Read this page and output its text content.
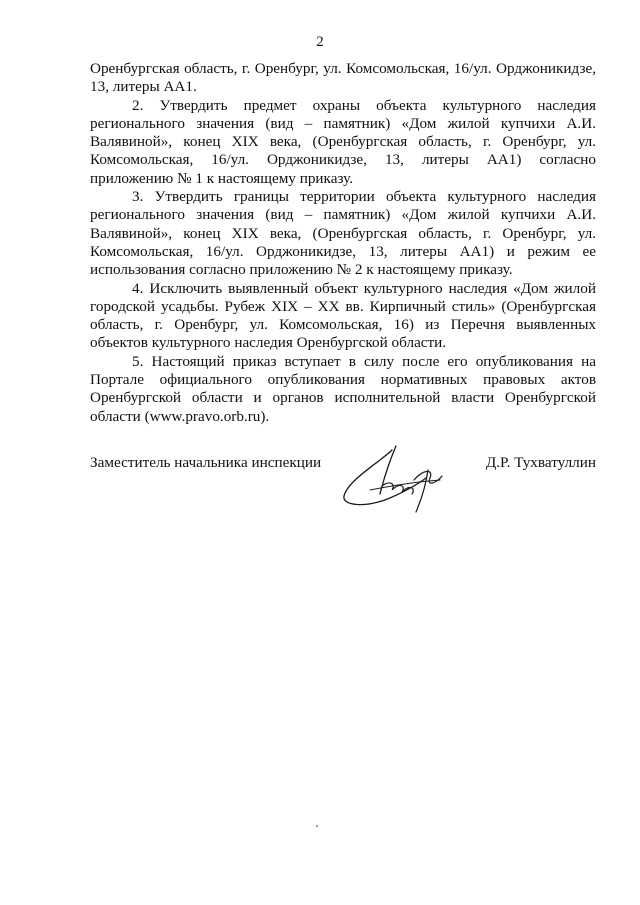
2

Оренбургская область, г. Оренбург, ул. Комсомольская, 16/ул. Орджоникидзе, 13, литеры АА1.

2. Утвердить предмет охраны объекта культурного наследия регионального значения (вид – памятник) «Дом жилой купчихи А.И. Валявиной», конец XIX века, (Оренбургская область, г. Оренбург, ул. Комсомольская, 16/ул. Орджоникидзе, 13, литеры АА1) согласно приложению № 1 к настоящему приказу.

3. Утвердить границы территории объекта культурного наследия регионального значения (вид – памятник) «Дом жилой купчихи А.И. Валявиной», конец XIX века, (Оренбургская область, г. Оренбург, ул. Комсомольская, 16/ул. Орджоникидзе, 13, литеры АА1) и режим ее использования согласно приложению № 2 к настоящему приказу.

4. Исключить выявленный объект культурного наследия «Дом жилой городской усадьбы. Рубеж XIX – XX вв. Кирпичный стиль» (Оренбургская область, г. Оренбург, ул. Комсомольская, 16) из Перечня выявленных объектов культурного наследия Оренбургской области.

5. Настоящий приказ вступает в силу после его опубликования на Портале официального опубликования нормативных правовых актов Оренбургской области и органов исполнительной власти Оренбургской области (www.pravo.orb.ru).

Заместитель начальника инспекции	Д.Р. Тухватуллин
